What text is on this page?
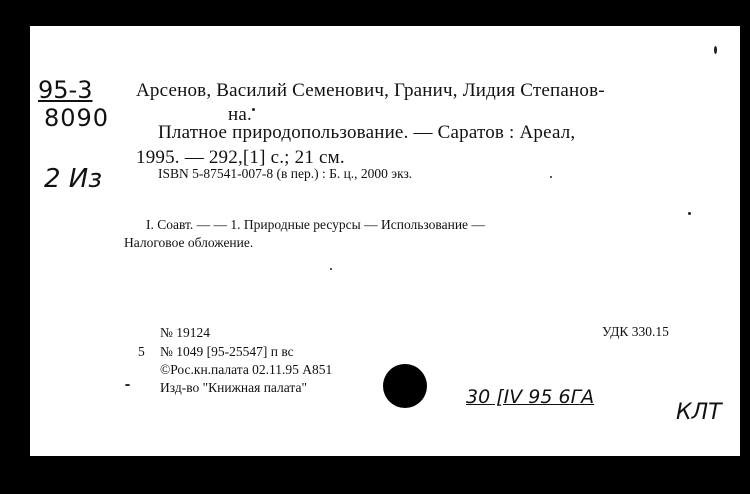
95-3
8090
2 Из
Арсенов, Василий Семенович, Гранич, Лидия Степанов-
на.
Платное природопользование. — Саратов : Ареал,
1995. — 292,[1] с.; 21 см.
ISBN 5-87541-007-8 (в пер.) : Б. ц., 2000 экз.
I. Соавт. — — 1. Природные ресурсы — Использование —
Налоговое обложение.
№ 19124	УДК 330.15
5 № 1049 [95-25547] п вс
©Рос.кн.палата 02.11.95 А851
Изд-во "Книжная палата"	30 [IV 95 6ГА
КЛТ
